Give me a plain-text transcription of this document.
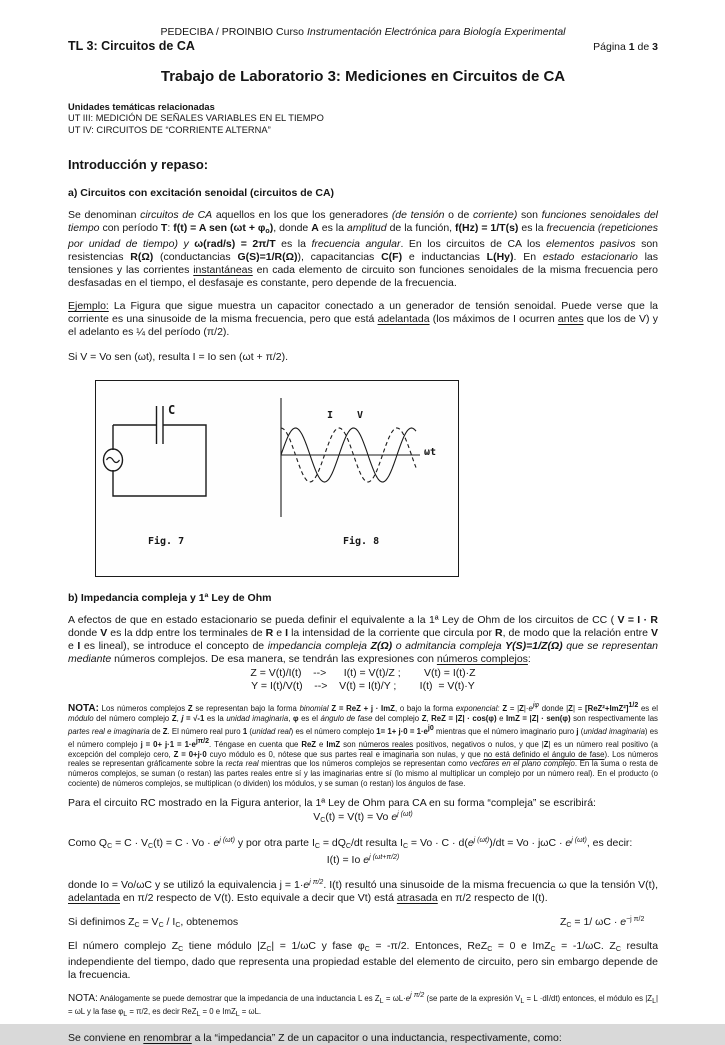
PEDECIBA / PROINBIO Curso Instrumentación Electrónica para Biología Experimental
TL 3: Circuitos de CA	Página 1 de 3
Trabajo de Laboratorio 3: Mediciones en Circuitos de CA
Unidades temáticas relacionadas
UT III: MEDICIÓN DE SEÑALES VARIABLES EN EL TIEMPO
UT IV: CIRCUITOS DE “CORRIENTE ALTERNA”
Introducción y repaso:
a) Circuitos con excitación senoidal (circuitos de CA)
Se denominan circuitos de CA aquellos en los que los generadores (de tensión o de corriente) son funciones senoidales del tiempo con período T: f(t) = A sen $(\omega t + \varphi_o)$, donde A es la amplitud de la función, f(Hz) = 1/T(s) es la frecuencia (repeticiones por unidad de tiempo) y ω(rad/s) = 2π/T es la frecuencia angular. En los circuitos de CA los elementos pasivos son resistencias R(Ω) (conductancias G(S)=1/R(Ω)), capacitancias C(F) e inductancias L(Hy). En estado estacionario las tensiones y las corrientes instantáneas en cada elemento de circuito son funciones senoidales de la misma frecuencia pero desfasadas en el tiempo, el desfasaje es constante, pero depende de la frecuencia.
Ejemplo: La Figura que sigue muestra un capacitor conectado a un generador de tensión senoidal. Puede verse que la corriente es una sinusoide de la misma frecuencia, pero que está adelantada (los máximos de I ocurren antes que los de V) y el adelanto es ¼ del período (π/2).
Si V = Vo sen (ωt), resulta I = Io sen (ωt + π/2).
C	I V
ωt
Fig. 7	Fig. 8
b) Impedancia compleja y 1ª Ley de Ohm
A efectos de que en estado estacionario se pueda definir el equivalente a la 1ª Ley de Ohm de los circuitos de CC ( V = I · R donde V es la ddp entre los terminales de R e I la intensidad de la corriente que circula por R, de modo que la relación entre V e I es lineal), se introduce el concepto de impedancia compleja Z(Ω) o admitancia compleja Y(S)=1/Z(Ω) que se representan mediante números complejos. De esa manera, se tendrán las expresiones con números complejos:
Z = V(t)/I(t)    -->      I(t) = V(t)/Z ;        V(t) = I(t)·Z
Y = I(t)/V(t)    -->    V(t) = I(t)/Y ;        I(t)  = V(t)·Y
NOTA: Los números complejos Z se representan bajo la forma binomial Z = ReZ + j · ImZ, o bajo la forma exponencial: $Z = |Z|\cdot e^{j\varphi}$ donde $|Z| = [ReZ^2+ImZ^2]^{1/2}$ es el módulo del número complejo Z, j = √-1 es la unidad imaginaria, φ es el ángulo de fase del complejo Z, ReZ = |Z| · cos(φ) e ImZ = |Z| · sen(φ) son respectivamente las partes real e imaginaria de Z. El número real puro 1 (unidad real) es el número complejo $1= 1+ j\cdot 0 = 1\cdot e^{j0}$ mientras que el número imaginario puro j (unidad imaginaria) es el número complejo $j = 0+ j\cdot 1 = 1\cdot e^{j\pi/2}$. Téngase en cuenta que ReZ e ImZ son números reales positivos, negativos o nulos, y que |Z| es un número real positivo (a excepción del complejo cero, Z = 0+j·0 cuyo módulo es 0, nótese que sus partes real e imaginaria son nulas, y que no está definido el ángulo de fase). Los números reales se representan gráficamente sobre la recta real mientras que los números complejos se representan como vectores en el plano complejo. En la suma o resta de números complejos, se suman (o restan) las partes reales entre sí y las imaginarias entre sí (lo mismo al multiplicar un complejo por un número real). En el producto (o cociente) de números complejos, se multiplican (o dividen) los módulos, y se suman (o restan) los ángulos de fase.
Para el circuito RC mostrado en la Figura anterior, la 1ª Ley de Ohm para CA en su forma “compleja” se escribirá:
$V_C(t) = V(t) = Vo$ $e^{j (\omega t)}$
Como $Q_C = C \cdot V_C(t) = C \cdot Vo \cdot e^{j (\omega t)}$ y por otra parte $I_C = dQ_C/dt$ resulta $I_C = Vo \cdot C \cdot d(e^{j (\omega t)})/dt = Vo \cdot j\omega C \cdot e^{j (\omega t)}$, es decir:
I(t) = Io $e^{j (\omega t+\pi/2)}$
donde Io = Vo/ωC y se utilizó la equivalencia $j = 1\cdot e^{j \pi/2}$. I(t) resultó una sinusoide de la misma frecuencia ω que la tensión V(t), adelantada en π/2 respecto de V(t). Esto equivale a decir que Vt) está atrasada en π/2 respecto de I(t).
Si definimos $Z_C = V_C / I_C$, obtenemos	$Z_C = 1/$ $\omega C \cdot e^{-j \pi/2}$
El número complejo $Z_C$ tiene módulo $|Z_C| = 1/\omega C$ y fase $\varphi_C = -\pi/2$. Entonces, ReZ$_C$ = 0 e ImZ$_C$ = -1/ωC. $Z_C$ resulta independiente del tiempo, dado que representa una propiedad estable del elemento de circuito, pero sin embargo depende de la frecuencia.
NOTA: Análogamente se puede demostrar que la impedancia de una inductancia L es $Z_L = \omega L\cdot e^{j \pi/2}$ (se parte de la expresión $V_L = L \cdot dI/dt$) entonces, el módulo es $|Z_L| = \omega L$ y la fase $\varphi_L = \pi/2$, es decir ReZ$_L$ = 0 e ImZ$_L$ = ωL.
Se conviene en renombrar a la “impedancia” Z de un capacitor o una inductancia, respectivamente, como:
